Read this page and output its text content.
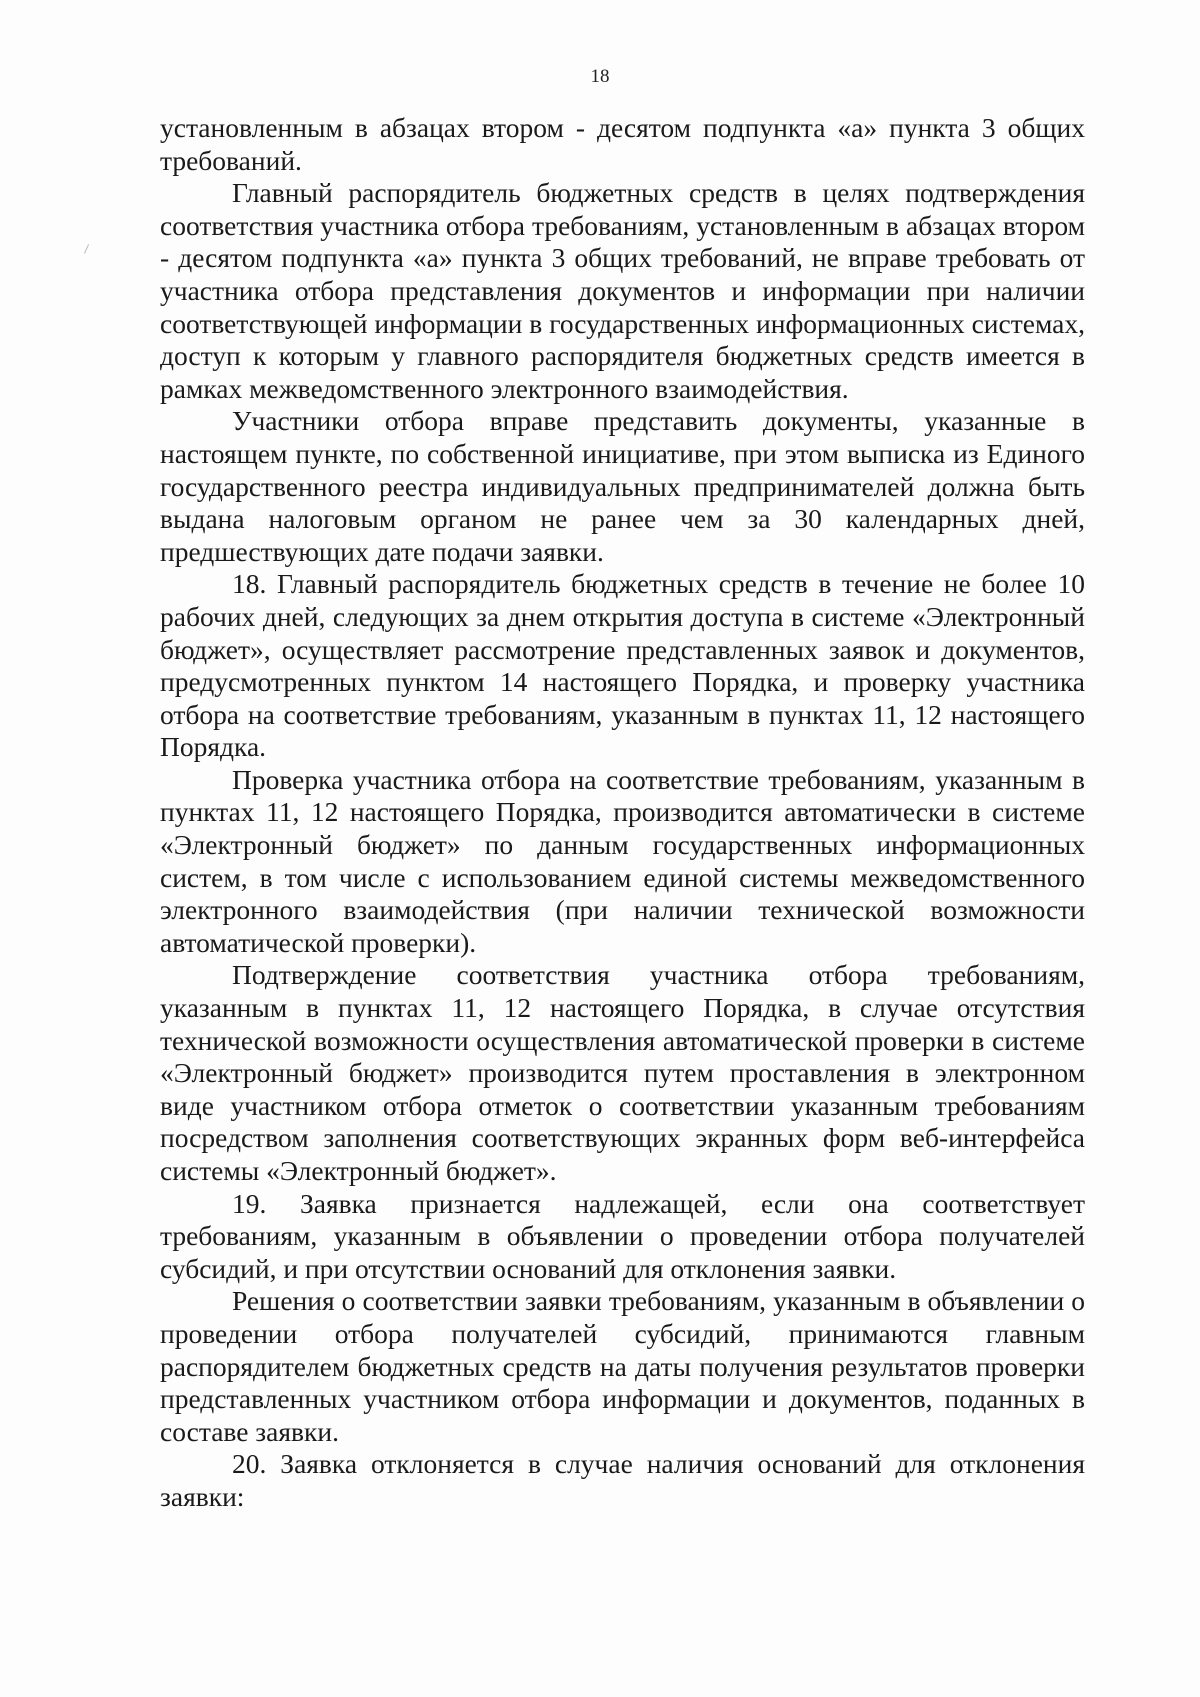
18

установленным в абзацах втором - десятом подпункта «а» пункта 3 общих требований.

Главный распорядитель бюджетных средств в целях подтверждения соответствия участника отбора требованиям, установленным в абзацах втором - десятом подпункта «а» пункта 3 общих требований, не вправе требовать от участника отбора представления документов и информации при наличии соответствующей информации в государственных информационных системах, доступ к которым у главного распорядителя бюджетных средств имеется в рамках межведомственного электронного взаимодействия.

Участники отбора вправе представить документы, указанные в настоящем пункте, по собственной инициативе, при этом выписка из Единого государственного реестра индивидуальных предпринимателей должна быть выдана налоговым органом не ранее чем за 30 календарных дней, предшествующих дате подачи заявки.

18. Главный распорядитель бюджетных средств в течение не более 10 рабочих дней, следующих за днем открытия доступа в системе «Электронный бюджет», осуществляет рассмотрение представленных заявок и документов, предусмотренных пунктом 14 настоящего Порядка, и проверку участника отбора на соответствие требованиям, указанным в пунктах 11, 12 настоящего Порядка.

Проверка участника отбора на соответствие требованиям, указанным в пунктах 11, 12 настоящего Порядка, производится автоматически в системе «Электронный бюджет» по данным государственных информационных систем, в том числе с использованием единой системы межведомственного электронного взаимодействия (при наличии технической возможности автоматической проверки).

Подтверждение соответствия участника отбора требованиям, указанным в пунктах 11, 12 настоящего Порядка, в случае отсутствия технической возможности осуществления автоматической проверки в системе «Электронный бюджет» производится путем проставления в электронном виде участником отбора отметок о соответствии указанным требованиям посредством заполнения соответствующих экранных форм веб-интерфейса системы «Электронный бюджет».

19. Заявка признается надлежащей, если она соответствует требованиям, указанным в объявлении о проведении отбора получателей субсидий, и при отсутствии оснований для отклонения заявки.

Решения о соответствии заявки требованиям, указанным в объявлении о проведении отбора получателей субсидий, принимаются главным распорядителем бюджетных средств на даты получения результатов проверки представленных участником отбора информации и документов, поданных в составе заявки.

20. Заявка отклоняется в случае наличия оснований для отклонения заявки:
